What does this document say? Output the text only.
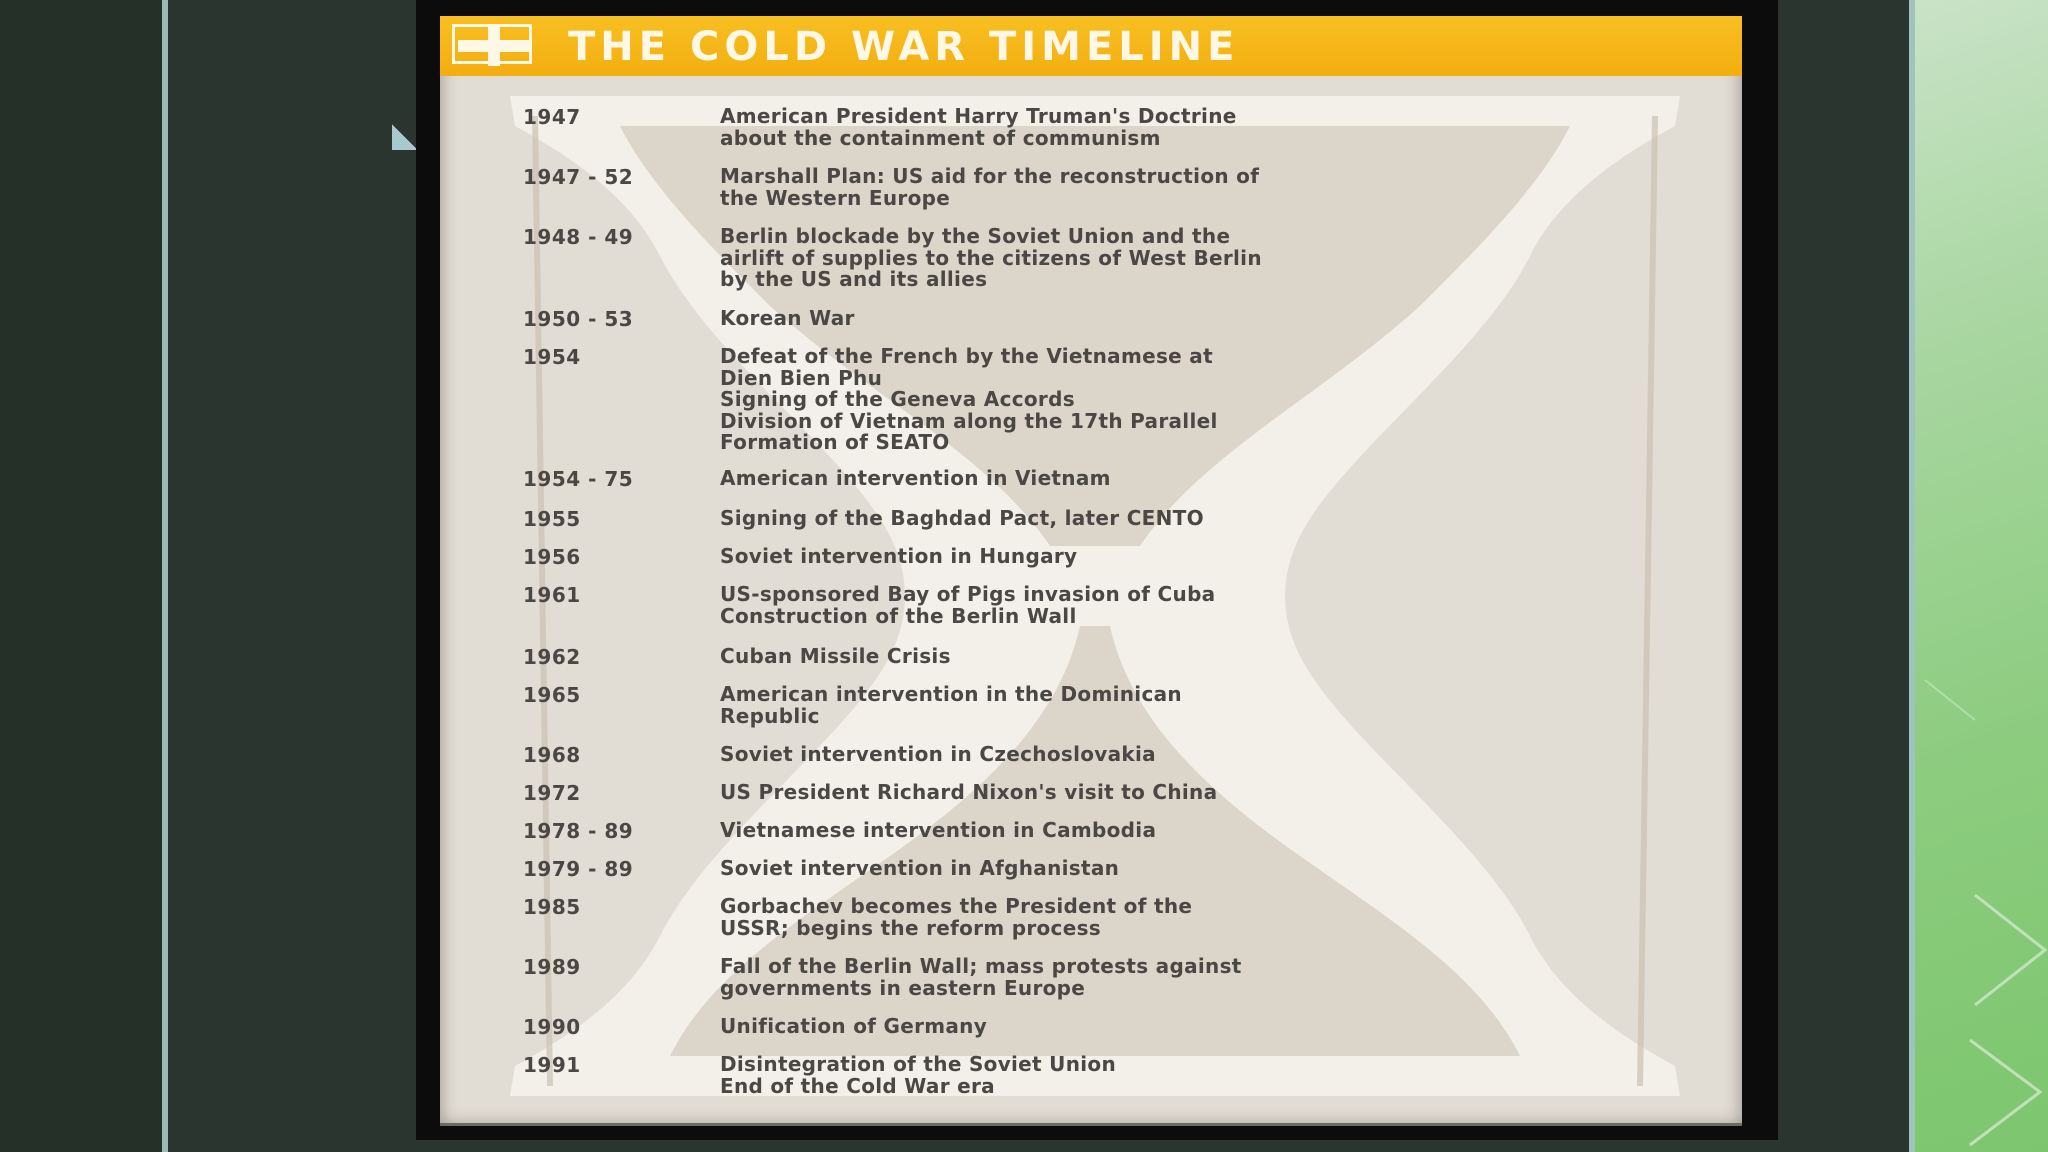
THE COLD WAR TIMELINE
1947	American President Harry Truman's Doctrine
about the containment of communism
1947 - 52	Marshall Plan: US aid for the reconstruction of
the Western Europe
1948 - 49	Berlin blockade by the Soviet Union and the
airlift of supplies to the citizens of West Berlin
by the US and its allies
1950 - 53	Korean War
1954	Defeat of the French by the Vietnamese at
Dien Bien Phu
Signing of the Geneva Accords
Division of Vietnam along the 17th Parallel
Formation of SEATO
1954 - 75	American intervention in Vietnam
1955	Signing of the Baghdad Pact, later CENTO
1956	Soviet intervention in Hungary
1961	US-sponsored Bay of Pigs invasion of Cuba
Construction of the Berlin Wall
1962	Cuban Missile Crisis
1965	American intervention in the Dominican
Republic
1968	Soviet intervention in Czechoslovakia
1972	US President Richard Nixon's visit to China
1978 - 89	Vietnamese intervention in Cambodia
1979 - 89	Soviet intervention in Afghanistan
1985	Gorbachev becomes the President of the
USSR; begins the reform process
1989	Fall of the Berlin Wall; mass protests against
governments in eastern Europe
1990	Unification of Germany
1991	Disintegration of the Soviet Union
End of the Cold War era
